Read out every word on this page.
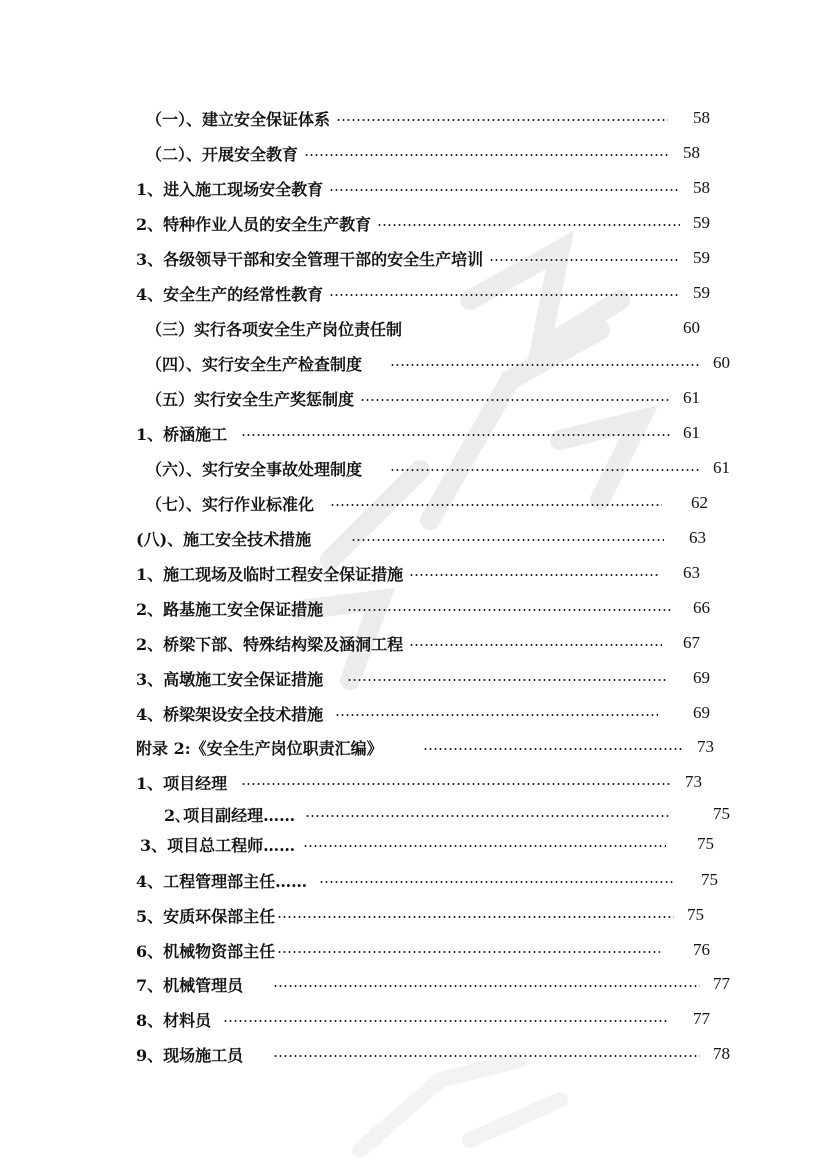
（一）、建立安全保证体系	58
（二）、开展安全教育	58
1、进入施工现场安全教育	58
2、特种作业人员的安全生产教育	59
3、各级领导干部和安全管理干部的安全生产培训	59
4、安全生产的经常性教育	59
（三）实行各项安全生产岗位责任制	60
（四）、实行安全生产检查制度	60
（五）实行安全生产奖惩制度	61
1、桥涵施工	61
（六）、实行安全事故处理制度	61
（七）、实行作业标准化	62
(八)、施工安全技术措施	63
1、施工现场及临时工程安全保证措施	63
2、路基施工安全保证措施	66
2、桥梁下部、特殊结构梁及涵洞工程	67
3、高墩施工安全保证措施	69
4、桥梁架设安全技术措施	69
附录 2:《安全生产岗位职责汇编》	73
1、项目经理	73
2､项目副经理……	75
3、项目总工程师……	75
4、工程管理部主任……	75
5、安质环保部主任	75
6、机械物资部主任	76
7、机械管理员	77
8、材料员	77
9、现场施工员	78
